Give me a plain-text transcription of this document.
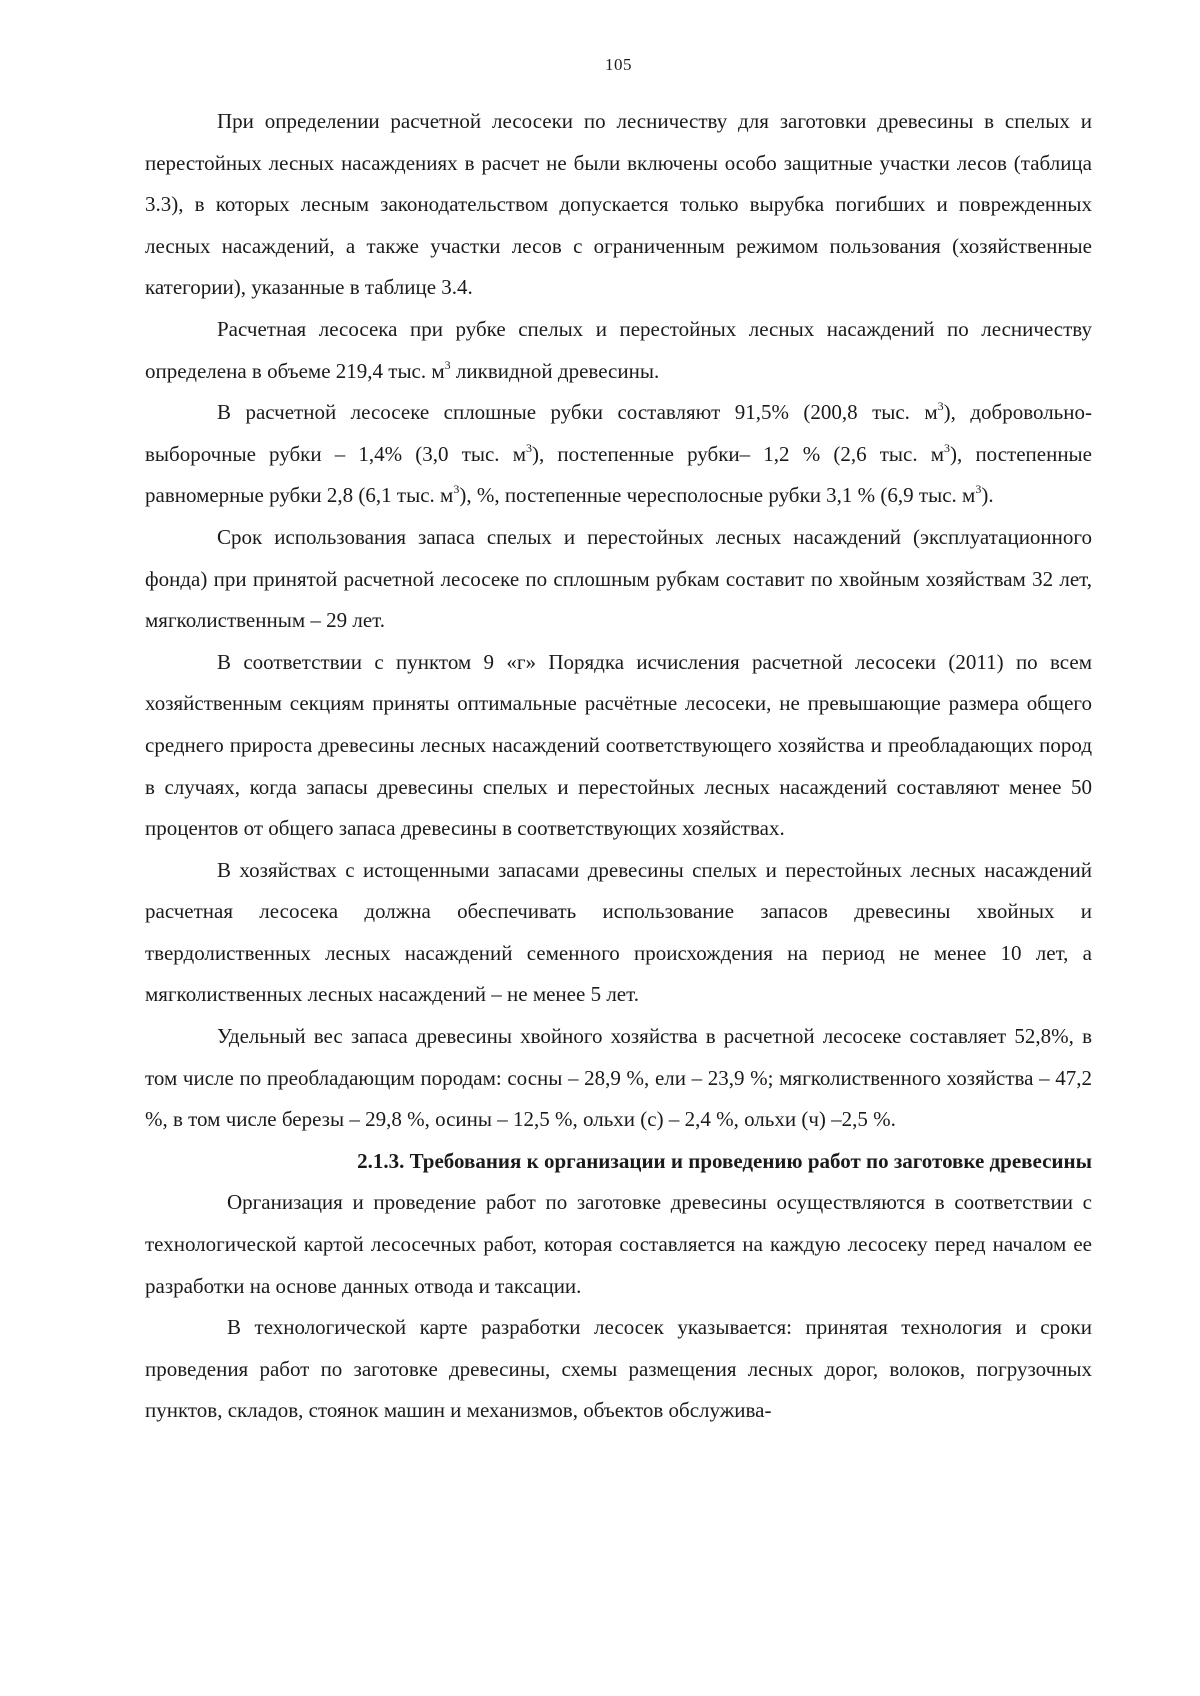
105

При определении расчетной лесосеки по лесничеству для заготовки древесины в спелых и перестойных лесных насаждениях в расчет не были включены особо защитные участки лесов (таблица 3.3), в которых лесным законодательством допускается только вырубка погибших и поврежденных лесных насаждений, а также участки лесов с ограниченным режимом пользования (хозяйственные категории), указанные в таблице 3.4.

Расчетная лесосека при рубке спелых и перестойных лесных насаждений по лесничеству определена в объеме 219,4 тыс. $м^3$ ликвидной древесины.

В расчетной лесосеке сплошные рубки составляют 91,5% (200,8 тыс. $м^3$), добровольно-выборочные рубки – 1,4% (3,0 тыс. $м^3$), постепенные рубки– 1,2 % (2,6 тыс. $м^3$), постепенные равномерные рубки 2,8 (6,1 тыс. $м^3$), %, постепенные чересполосные рубки 3,1 % (6,9 тыс. $м^3$).

Срок использования запаса спелых и перестойных лесных насаждений (эксплуатационного фонда) при принятой расчетной лесосеке по сплошным рубкам составит по хвойным хозяйствам 32 лет, мягколиственным – 29 лет.

В соответствии с пунктом 9 «г» Порядка исчисления расчетной лесосеки (2011) по всем хозяйственным секциям приняты оптимальные расчётные лесосеки, не превышающие размера общего среднего прироста древесины лесных насаждений соответствующего хозяйства и преобладающих пород в случаях, когда запасы древесины спелых и перестойных лесных насаждений составляют менее 50 процентов от общего запаса древесины в соответствующих хозяйствах.

В хозяйствах с истощенными запасами древесины спелых и перестойных лесных насаждений расчетная лесосека должна обеспечивать использование запасов древесины хвойных и твердолиственных лесных насаждений семенного происхождения на период не менее 10 лет, а мягколиственных лесных насаждений – не менее 5 лет.

Удельный вес запаса древесины хвойного хозяйства в расчетной лесосеке составляет 52,8%, в том числе по преобладающим породам: сосны – 28,9 %, ели – 23,9 %; мягколиственного хозяйства – 47,2 %, в том числе березы – 29,8 %, осины – 12,5 %, ольхи (с) – 2,4 %, ольхи (ч) –2,5 %.

2.1.3. Требования к организации и проведению работ по заготовке древесины

Организация и проведение работ по заготовке древесины осуществляются в соответствии с технологической картой лесосечных работ, которая составляется на каждую лесосеку перед началом ее разработки на основе данных отвода и таксации.

В технологической карте разработки лесосек указывается: принятая технология и сроки проведения работ по заготовке древесины, схемы размещения лесных дорог, волоков, погрузочных пунктов, складов, стоянок машин и механизмов, объектов обслужива-
